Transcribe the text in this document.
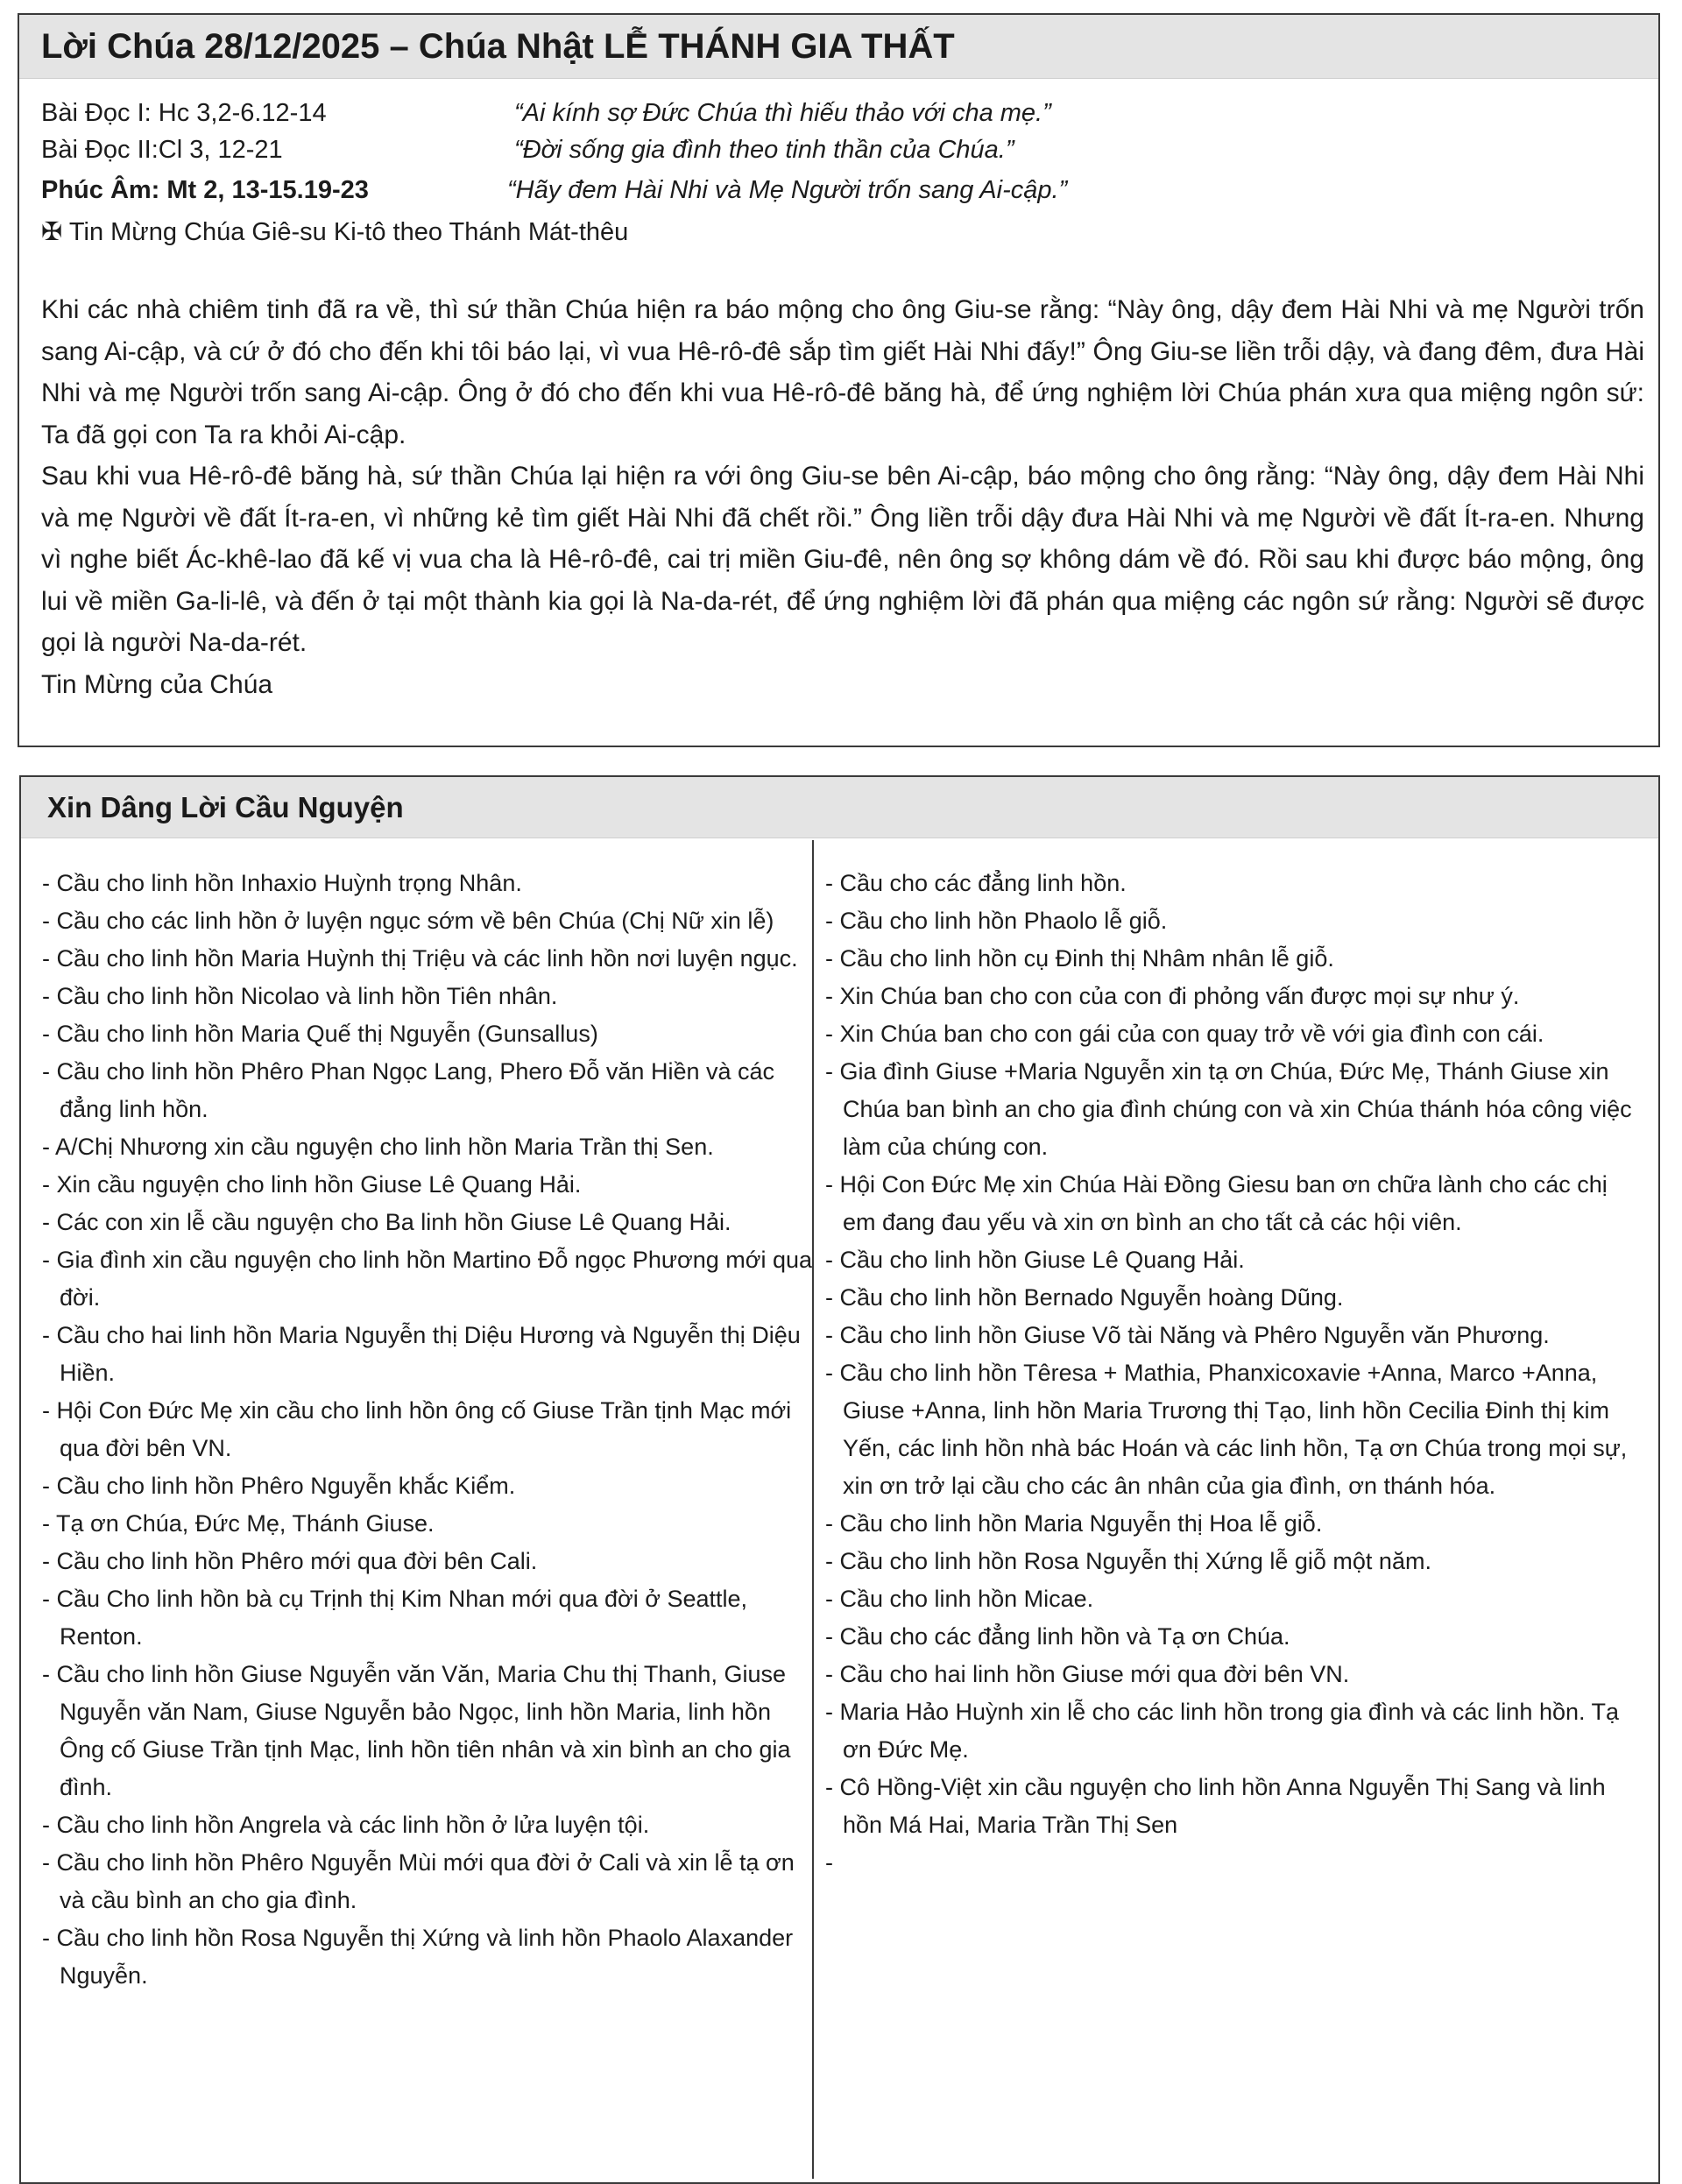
Lời Chúa 28/12/2025 – Chúa Nhật LỄ THÁNH GIA THẤT
Bài Đọc I: Hc 3,2-6.12-14	“Ai kính sợ Đức Chúa thì hiếu thảo với cha mẹ.”
Bài Đọc II:Cl 3, 12-21	“Đời sống gia đình theo tinh thần của Chúa.”
Phúc Âm: Mt 2, 13-15.19-23	“Hãy đem Hài Nhi và Mẹ Người trốn sang Ai-cập.”
✠ Tin Mừng Chúa Giê-su Ki-tô theo Thánh Mát-thêu

Khi các nhà chiêm tinh đã ra về, thì sứ thần Chúa hiện ra báo mộng cho ông Giu-se rằng: “Này ông, dậy đem Hài Nhi và mẹ Người trốn sang Ai-cập, và cứ ở đó cho đến khi tôi báo lại, vì vua Hê-rô-đê sắp tìm giết Hài Nhi đấy!” Ông Giu-se liền trỗi dậy, và đang đêm, đưa Hài Nhi và mẹ Người trốn sang Ai-cập. Ông ở đó cho đến khi vua Hê-rô-đê băng hà, để ứng nghiệm lời Chúa phán xưa qua miệng ngôn sứ: Ta đã gọi con Ta ra khỏi Ai-cập.

Sau khi vua Hê-rô-đê băng hà, sứ thần Chúa lại hiện ra với ông Giu-se bên Ai-cập, báo mộng cho ông rằng: “Này ông, dậy đem Hài Nhi và mẹ Người về đất Ít-ra-en, vì những kẻ tìm giết Hài Nhi đã chết rồi.” Ông liền trỗi dậy đưa Hài Nhi và mẹ Người về đất Ít-ra-en. Nhưng vì nghe biết Ác-khê-lao đã kế vị vua cha là Hê-rô-đê, cai trị miền Giu-đê, nên ông sợ không dám về đó. Rồi sau khi được báo mộng, ông lui về miền Ga-li-lê, và đến ở tại một thành kia gọi là Na-da-rét, để ứng nghiệm lời đã phán qua miệng các ngôn sứ rằng: Người sẽ được gọi là người Na-da-rét.

Tin Mừng của Chúa

Xin Dâng Lời Cầu Nguyện

- Cầu cho linh hồn Inhaxio Huỳnh trọng Nhân.

- Cầu cho các linh hồn ở luyện ngục sớm về bên Chúa (Chị Nữ xin lễ)

- Cầu cho linh hồn Maria Huỳnh thị Triệu và các linh hồn nơi luyện ngục.

- Cầu cho linh hồn Nicolao và linh hồn Tiên nhân.

- Cầu cho linh hồn Maria Quế thị Nguyễn (Gunsallus)

- Cầu cho linh hồn Phêro Phan Ngọc Lang, Phero Đỗ văn Hiền và các đẳng linh hồn.

- A/Chị Nhương xin cầu nguyện cho linh hồn Maria Trần thị Sen.

- Xin cầu nguyện cho linh hồn Giuse Lê Quang Hải.

- Các con xin lễ cầu nguyện cho Ba linh hồn Giuse Lê Quang Hải.

- Gia đình xin cầu nguyện cho linh hồn Martino Đỗ ngọc Phương mới qua đời.

- Cầu cho hai linh hồn Maria Nguyễn thị Diệu Hương và Nguyễn thị Diệu Hiền.

- Hội Con Đức Mẹ xin cầu cho linh hồn ông cố Giuse Trần tịnh Mạc mới qua đời bên VN.

- Cầu cho linh hồn Phêro Nguyễn khắc Kiểm.

- Tạ ơn Chúa, Đức Mẹ, Thánh Giuse.

- Cầu cho linh hồn Phêro mới qua đời bên Cali.

- Cầu Cho linh hồn bà cụ Trịnh thị Kim Nhan mới qua đời ở Seattle, Renton.

- Cầu cho linh hồn Giuse Nguyễn văn Văn, Maria Chu thị Thanh, Giuse Nguyễn văn Nam, Giuse Nguyễn bảo Ngọc, linh hồn Maria, linh hồn Ông cố Giuse Trần tịnh Mạc, linh hồn tiên nhân và xin bình an cho gia đình.

- Cầu cho linh hồn Angrela và các linh hồn ở lửa luyện tội.

- Cầu cho linh hồn Phêro Nguyễn Mùi mới qua đời ở Cali và xin lễ tạ ơn và cầu bình an cho gia đình.

- Cầu cho linh hồn Rosa Nguyễn thị Xứng và linh hồn Phaolo Alaxander Nguyễn.

- Cầu cho các đẳng linh hồn.

- Cầu cho linh hồn Phaolo lễ giỗ.

- Cầu cho linh hồn cụ Đinh thị Nhâm nhân lễ giỗ.

- Xin Chúa ban cho con của con đi phỏng vấn được mọi sự như ý.

- Xin Chúa ban cho con gái của con quay trở về với gia đình con cái.

- Gia đình Giuse +Maria Nguyễn xin tạ ơn Chúa, Đức Mẹ, Thánh Giuse xin Chúa ban bình an cho gia đình chúng con và xin Chúa thánh hóa công việc làm của chúng con.

- Hội Con Đức Mẹ xin Chúa Hài Đồng Giesu ban ơn chữa lành cho các chị em đang đau yếu và xin ơn bình an cho tất cả các hội viên.

- Cầu cho linh hồn Giuse Lê Quang Hải.

- Cầu cho linh hồn Bernado Nguyễn hoàng Dũng.

- Cầu cho linh hồn Giuse Võ tài Năng và Phêro Nguyễn văn Phương.

- Cầu cho linh hồn Têresa + Mathia, Phanxicoxavie +Anna, Marco +Anna, Giuse +Anna, linh hồn Maria Trương thị Tạo, linh hồn Cecilia Đinh thị kim Yến, các linh hồn nhà bác Hoán và các linh hồn, Tạ ơn Chúa trong mọi sự, xin ơn trở lại cầu cho các ân nhân của gia đình, ơn thánh hóa.

- Cầu cho linh hồn Maria Nguyễn thị Hoa lễ giỗ.

- Cầu cho linh hồn Rosa Nguyễn thị Xứng lễ giỗ một năm.

- Cầu cho linh hồn Micae.

- Cầu cho các đẳng linh hồn và Tạ ơn Chúa.

- Cầu cho hai linh hồn Giuse mới qua đời bên VN.

- Maria Hảo Huỳnh xin lễ cho các linh hồn trong gia đình và các linh hồn. Tạ ơn Đức Mẹ.

- Cô Hồng-Việt xin cầu nguyện cho linh hồn Anna Nguyễn Thị Sang và linh hồn Má Hai, Maria Trần Thị Sen

-
